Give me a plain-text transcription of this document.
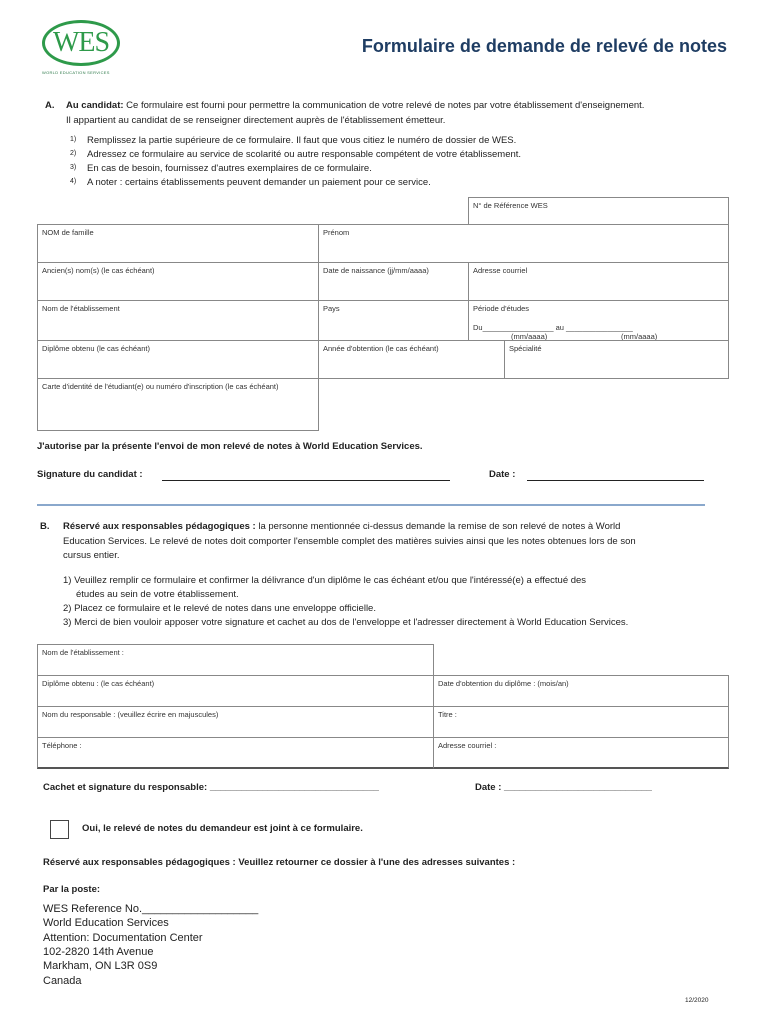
WES
WORLD EDUCATION SERVICES
Formulaire de demande de relevé de notes
A. Au candidat: Ce formulaire est fourni pour permettre la communication de votre relevé de notes par votre établissement d'enseignement.
Il appartient au candidat de se renseigner directement auprès de l'établissement émetteur.
1) Remplissez la partie supérieure de ce formulaire. Il faut que vous citiez le numéro de dossier de WES.
2) Adressez ce formulaire au service de scolarité ou autre responsable compétent de votre établissement.
3) En cas de besoin, fournissez d'autres exemplaires de ce formulaire.
4) A noter : certains établissements peuvent demander un paiement pour ce service.
N° de Référence WES
NOM de famille	Prénom
Ancien(s) nom(s) (le cas échéant)	Date de naissance (jj/mm/aaaa)	Adresse courriel
Nom de l'établissement	Pays	Période d'études
Du_________________ au ________________
(mm/aaaa)	(mm/aaaa)
Diplôme obtenu (le cas échéant)	Année d'obtention (le cas échéant)	Spécialité
Carte d'identité de l'étudiant(e) ou numéro d'inscription (le cas échéant)
J'autorise par la présente l'envoi de mon relevé de notes à World Education Services.
Signature du candidat :	Date :
B. Réservé aux responsables pédagogiques : la personne mentionnée ci-dessus demande la remise de son relevé de notes à World
Education Services. Le relevé de notes doit comporter l'ensemble complet des matières suivies ainsi que les notes obtenues lors de son
cursus entier.
1) Veuillez remplir ce formulaire et confirmer la délivrance d'un diplôme le cas échéant et/ou que l'intéressé(e) a effectué des
études au sein de votre établissement.
2) Placez ce formulaire et le relevé de notes dans une enveloppe officielle.
3) Merci de bien vouloir apposer votre signature et cachet au dos de l'enveloppe et l'adresser directement à World Education Services.
Nom de l'établissement :
Diplôme obtenu : (le cas échéant)	Date d'obtention du diplôme : (mois/an)
Nom du responsable : (veuillez écrire en majuscules)	Titre :
Téléphone :	Adresse courriel :
Cachet et signature du responsable: ________________________________	Date : ____________________________
Oui, le relevé de notes du demandeur est joint à ce formulaire.
Réservé aux responsables pédagogiques : Veuillez retourner ce dossier à l'une des adresses suivantes :
Par la poste:
WES Reference No.___________________
World Education Services
Attention: Documentation Center
102-2820 14th Avenue
Markham, ON L3R 0S9
Canada
12/2020
